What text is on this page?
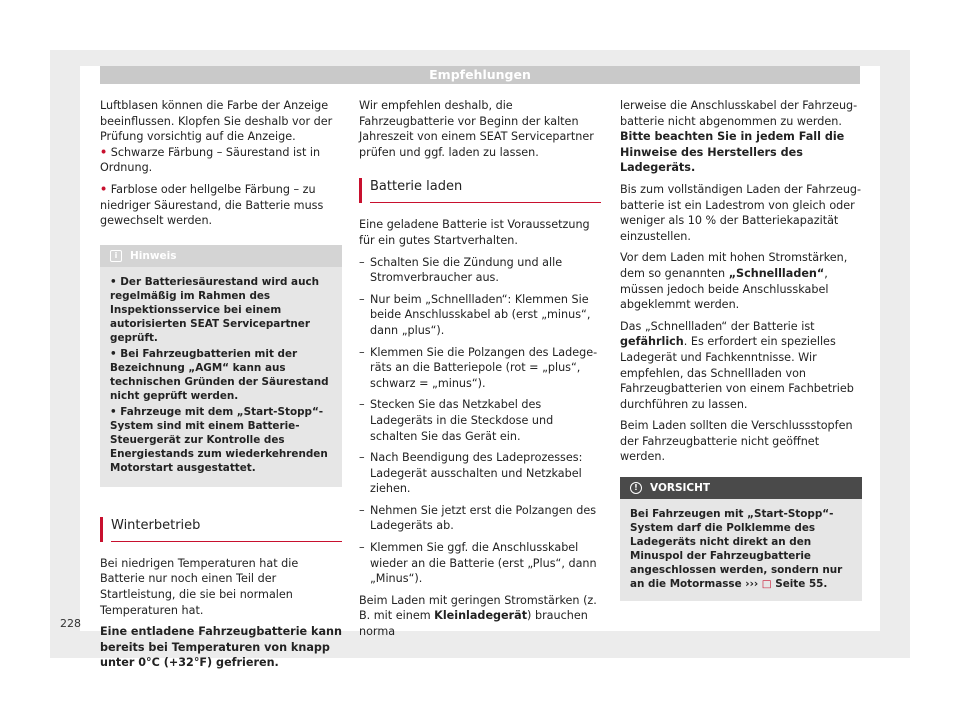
Empfehlungen

Luftblasen können die Farbe der Anzeige beeinflussen. Klopfen Sie deshalb vor der Prüfung vorsichtig auf die Anzeige.

• Schwarze Färbung – Säurestand ist in Ordnung.

• Farblose oder hellgelbe Färbung – zu niedriger Säurestand, die Batterie muss gewechselt werden.

i Hinweis

• Der Batteriesäurestand wird auch regelmäßig im Rahmen des Inspektionsservice bei einem autorisierten SEAT Servicepartner geprüft.

• Bei Fahrzeugbatterien mit der Bezeichnung „AGM“ kann aus technischen Gründen der Säurestand nicht geprüft werden.

• Fahrzeuge mit dem „Start-Stopp“-System sind mit einem Batterie-Steuergerät zur Kontrolle des Energiestands zum wiederkehrenden Motorstart ausgestattet.

Winterbetrieb

Bei niedrigen Temperaturen hat die Batterie nur noch einen Teil der Startleistung, die sie bei normalen Temperaturen hat.

Eine entladene Fahrzeugbatterie kann bereits bei Temperaturen von knapp unter 0°C (+32°F) gefrieren.

Wir empfehlen deshalb, die Fahrzeugbatterie vor Beginn der kalten Jahreszeit von einem SEAT Servicepartner prüfen und ggf. laden zu lassen.

Batterie laden

Eine geladene Batterie ist Voraussetzung für ein gutes Startverhalten.

– Schalten Sie die Zündung und alle Stromverbraucher aus.

– Nur beim „Schnellladen“: Klemmen Sie beide Anschlusskabel ab (erst „minus“, dann „plus“).

– Klemmen Sie die Polzangen des Ladegeräts an die Batteriepole (rot = „plus“, schwarz = „minus“).

– Stecken Sie das Netzkabel des Ladegeräts in die Steckdose und schalten Sie das Gerät ein.

– Nach Beendigung des Ladeprozesses: Ladegerät ausschalten und Netzkabel ziehen.

– Nehmen Sie jetzt erst die Polzangen des Ladegeräts ab.

– Klemmen Sie ggf. die Anschlusskabel wieder an die Batterie (erst „Plus“, dann „Minus“).

Beim Laden mit geringen Stromstärken (z. B. mit einem Kleinladegerät) brauchen norma

lerweise die Anschlusskabel der Fahrzeugbatterie nicht abgenommen zu werden. Bitte beachten Sie in jedem Fall die Hinweise des Herstellers des Ladegeräts.

Bis zum vollständigen Laden der Fahrzeugbatterie ist ein Ladestrom von gleich oder weniger als 10 % der Batteriekapazität einzustellen.

Vor dem Laden mit hohen Stromstärken, dem so genannten „Schnellladen“, müssen jedoch beide Anschlusskabel abgeklemmt werden.

Das „Schnellladen“ der Batterie ist gefährlich. Es erfordert ein spezielles Ladegerät und Fachkenntnisse. Wir empfehlen, das Schnellladen von Fahrzeugbatterien von einem Fachbetrieb durchführen zu lassen.

Beim Laden sollten die Verschlussstopfen der Fahrzeugbatterie nicht geöffnet werden.

! VORSICHT
Bei Fahrzeugen mit „Start-Stopp“-System darf die Polklemme des Ladegeräts nicht direkt an den Minuspol der Fahrzeugbatterie angeschlossen werden, sondern nur an die Motormasse ››› □ Seite 55.
228
